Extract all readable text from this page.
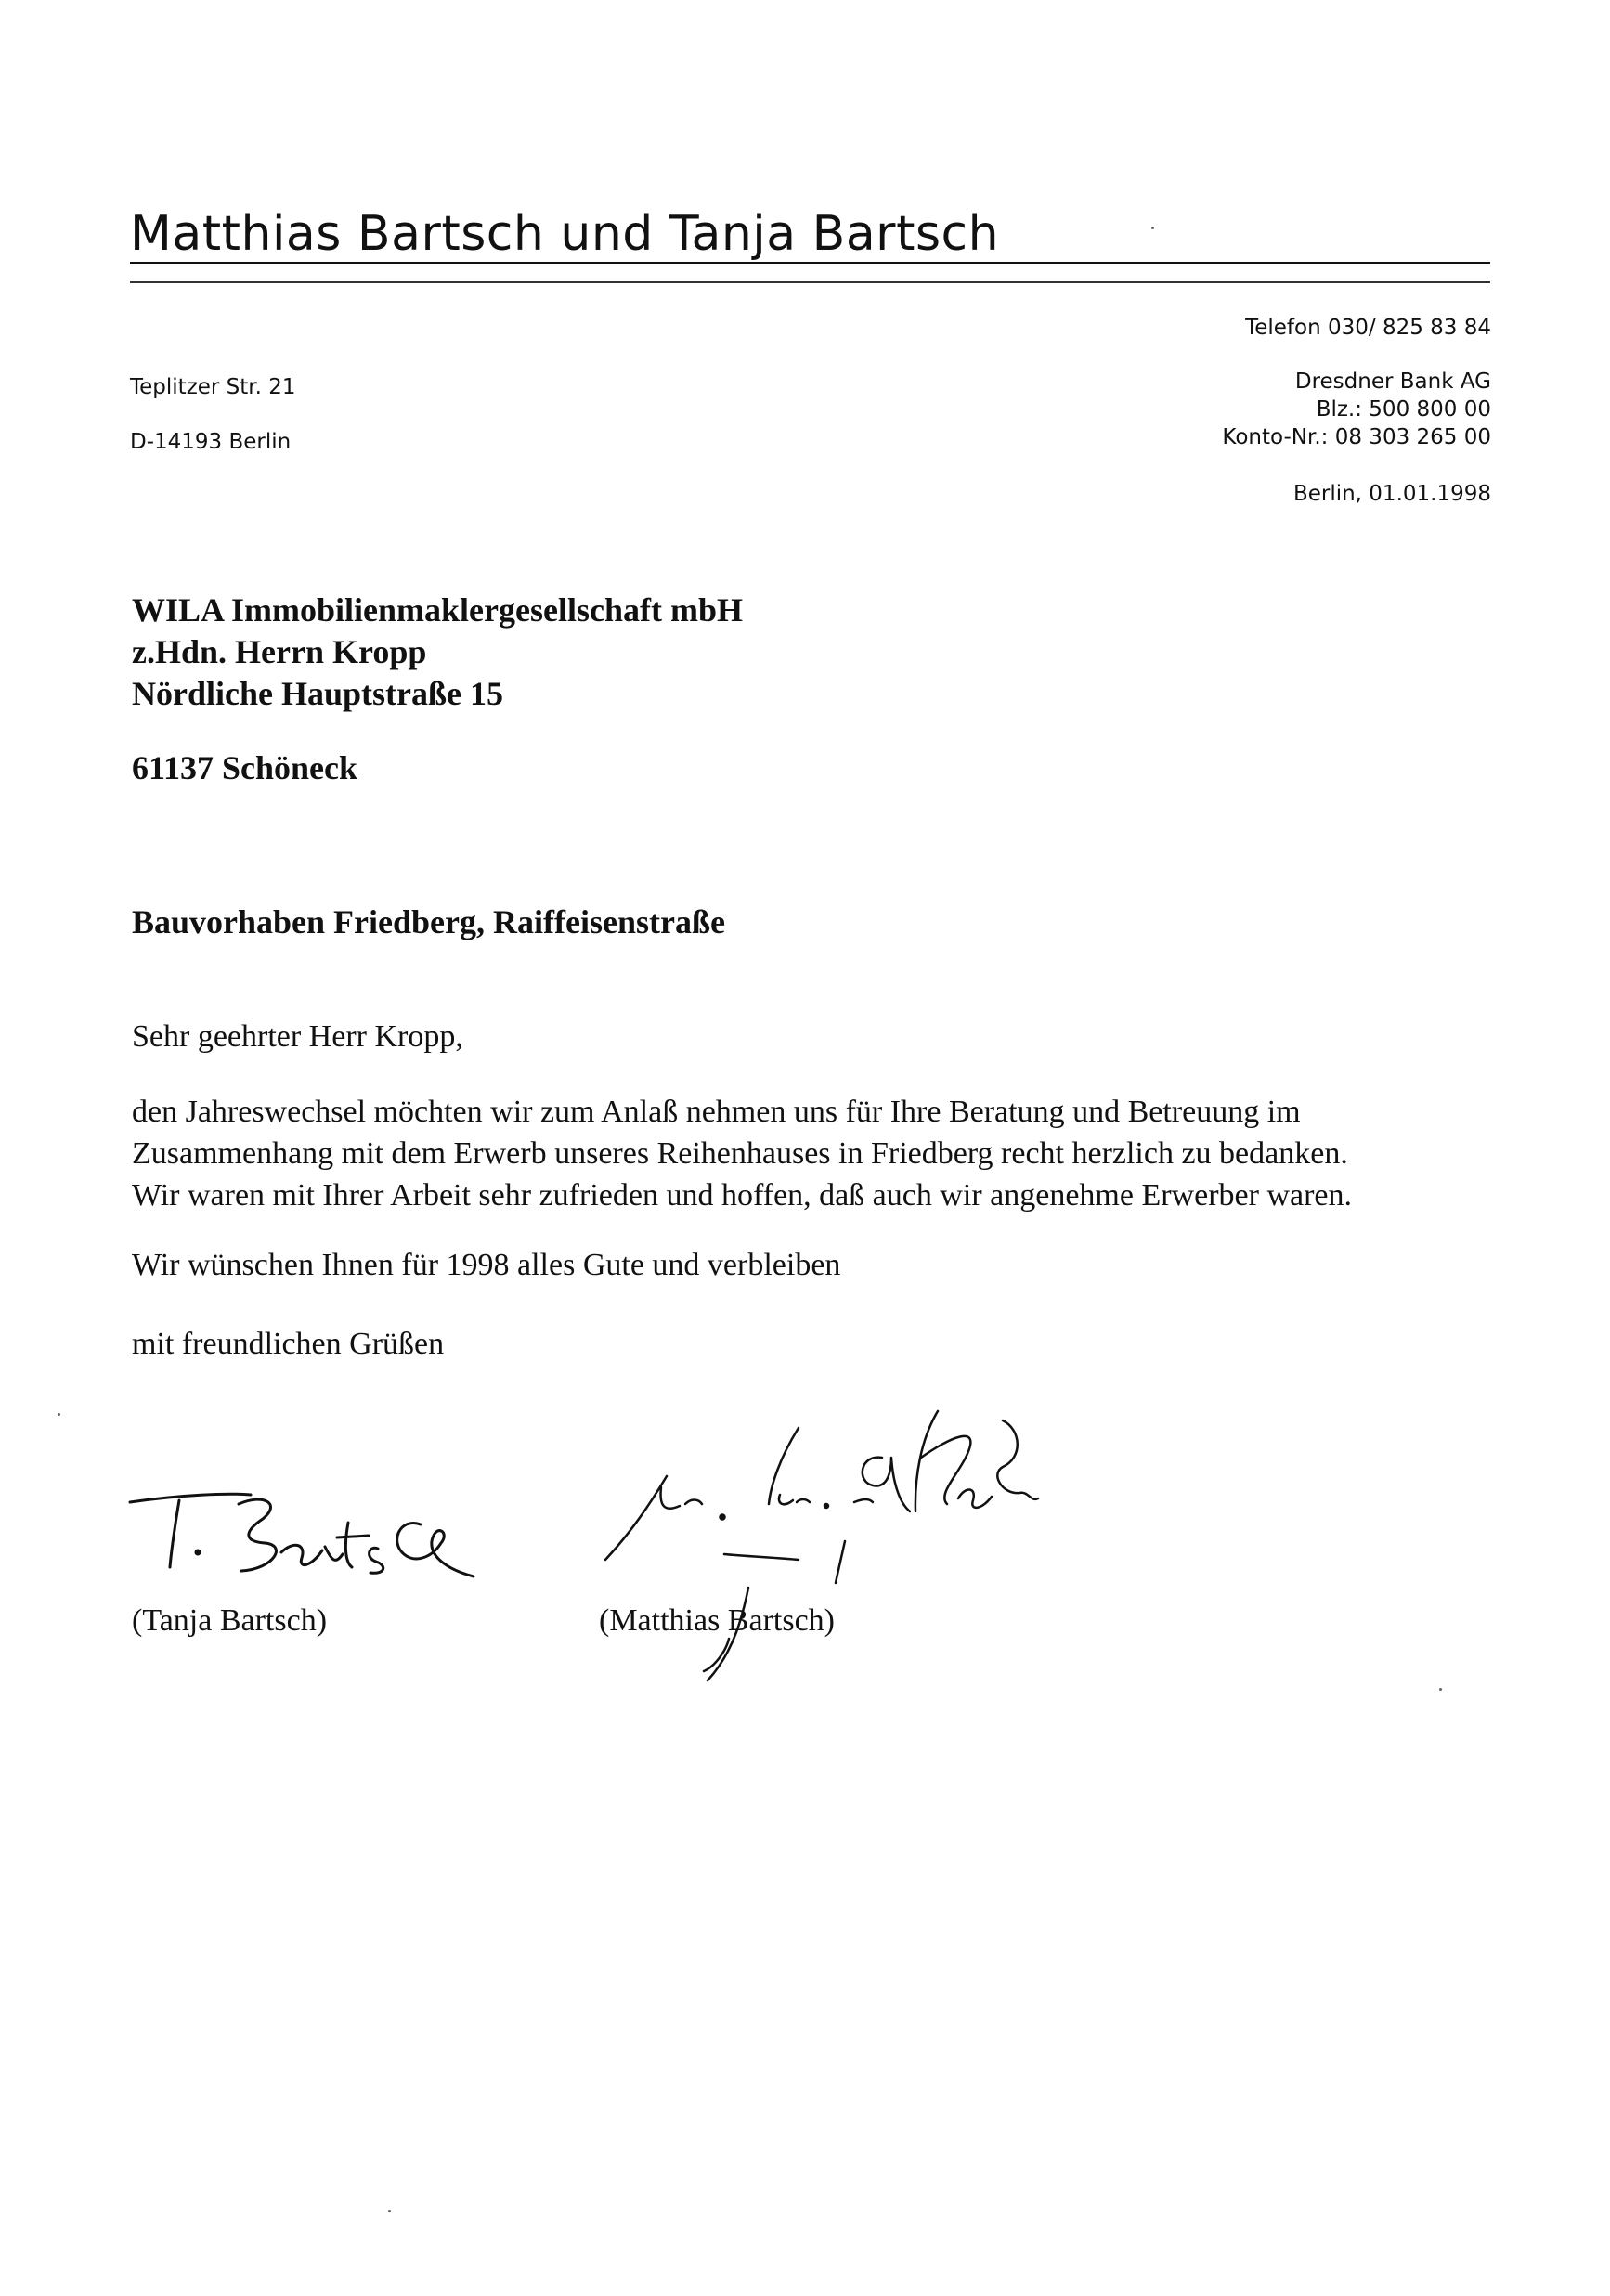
Matthias Bartsch und Tanja Bartsch
Telefon 030/ 825 83 84
Teplitzer Str. 21
D-14193 Berlin
Dresdner Bank AG
Blz.: 500 800 00
Konto-Nr.: 08 303 265 00
Berlin, 01.01.1998
WILA Immobilienmaklergesellschaft mbH
z.Hdn. Herrn Kropp
Nördliche Hauptstraße 15
61137 Schöneck
Bauvorhaben Friedberg, Raiffeisenstraße
Sehr geehrter Herr Kropp,
den Jahreswechsel möchten wir zum Anlaß nehmen uns für Ihre Beratung und Betreuung im
Zusammenhang mit dem Erwerb unseres Reihenhauses in Friedberg recht herzlich zu bedanken.
Wir waren mit Ihrer Arbeit sehr zufrieden und hoffen, daß auch wir angenehme Erwerber waren.
Wir wünschen Ihnen für 1998 alles Gute und verbleiben
mit freundlichen Grüßen
(Tanja Bartsch)	(Matthias Bartsch)
